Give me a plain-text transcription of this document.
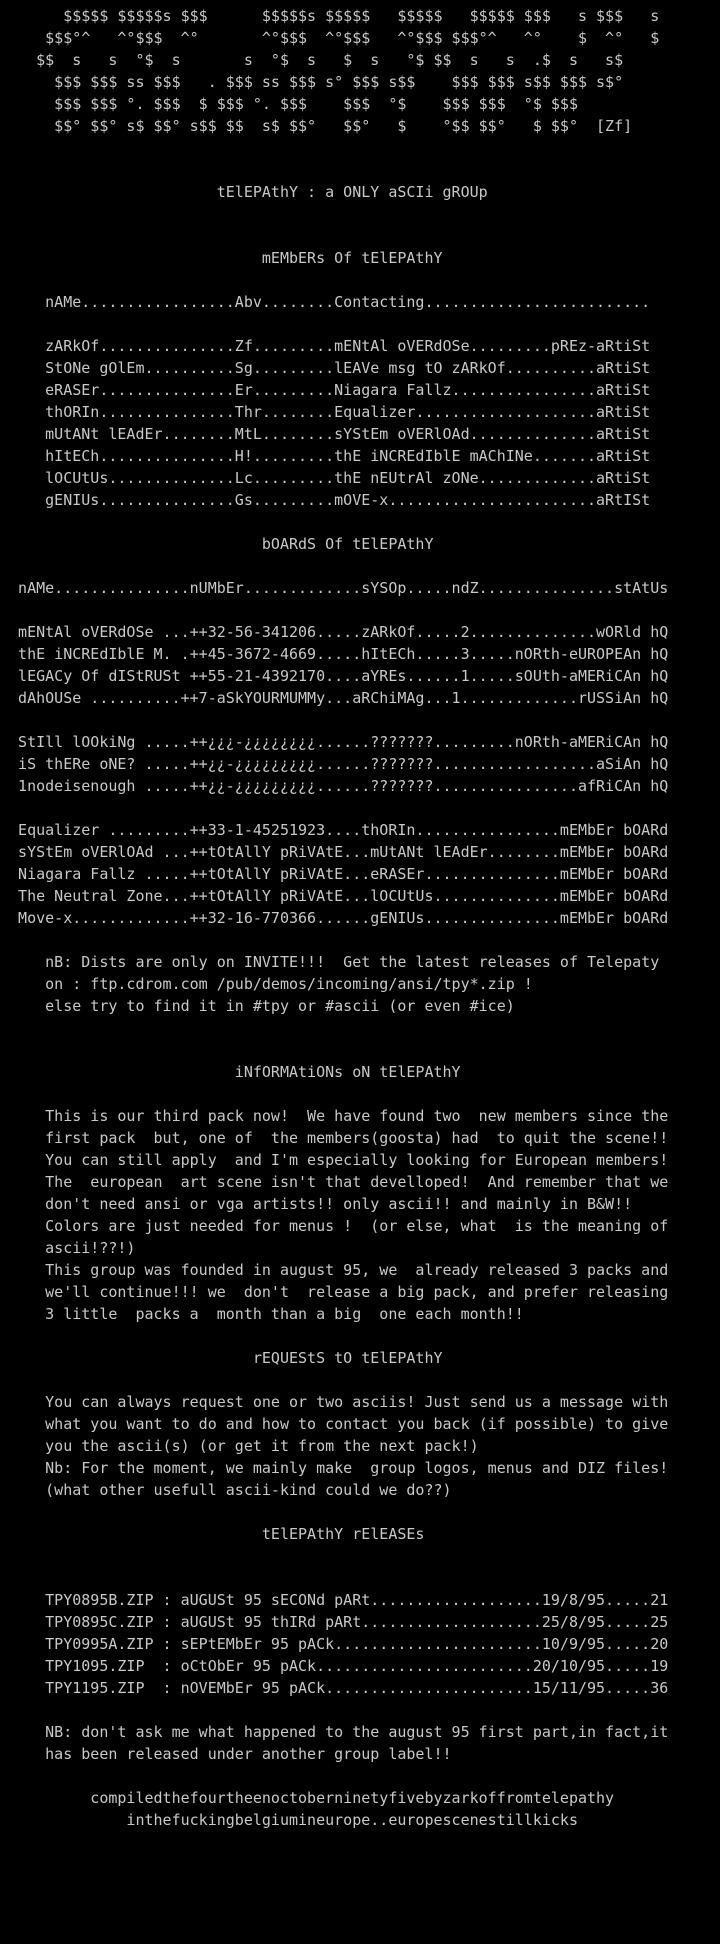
$$$$$ $$$$$s $$$      $$$$$s $$$$$   $$$$$   $$$$$ $$$   s $$$   s
$$$°^   ^°$$$  ^°       ^°$$$  ^°$$$   ^°$$$ $$$°^   ^°    $  ^°   $
$$  s   s  °$  s       s  °$  s   $  s   °$ $$  s   s  .$  s   s$
$$$ $$$ ss $$$   . $$$ ss $$$ s° $$$ s$$    $$$ $$$ s$$ $$$ s$°
$$$ $$$ °. $$$  $ $$$ °. $$$    $$$  °$    $$$ $$$  °$ $$$
$$° $$° s$ $$° s$$ $$  s$ $$°   $$°   $    °$$ $$°   $ $$°  [Zf]
tElEPAthY : a ONLY aSCIi gROUp
mEMbERs Of tElEPAthY
nAMe.................Abv........Contacting.........................
zARkOf...............Zf.........mENtAl oVERdOSe.........pREz-aRtiSt
StONe gOlEm..........Sg.........lEAVe msg tO zARkOf..........aRtiSt
eRASEr...............Er.........Niagara Fallz................aRtiSt
thORIn...............Thr........Equalizer....................aRtiSt
mUtANt lEAdEr........MtL........sYStEm oVERlOAd..............aRtiSt
hItECh...............H!.........thE iNCREdIblE mAChINe.......aRtiSt
lOCUtUs..............Lc.........thE nEUtrAl zONe.............aRtiSt
gENIUs...............Gs.........mOVE-x.......................aRtISt
bOARdS Of tElEPAthY
nAMe...............nUMbEr.............sYSOp.....ndZ...............stAtUs
mENtAl oVERdOSe ...++32-56-341206.....zARkOf.....2..............wORld hQ
thE iNCREdIblE M. .++45-3672-4669.....hItECh.....3.....nORth-eUROPEAn hQ
lEGACy Of dIStRUSt ++55-21-4392170....aYREs......1.....sOUth-aMERiCAn hQ
dAhOUSe ..........++7-aSkYOURMUMMy...aRChiMAg...1.............rUSSiAn hQ
StIll lOOkiNg .....++¿¿¿-¿¿¿¿¿¿¿¿......???????.........nORth-aMERiCAn hQ
iS thERe oNE? .....++¿¿-¿¿¿¿¿¿¿¿¿......???????..................aSiAn hQ
1nodeisenough .....++¿¿-¿¿¿¿¿¿¿¿¿......???????................afRiCAn hQ
Equalizer .........++33-1-45251923....thORIn................mEMbEr bOARd
sYStEm oVERlOAd ...++tOtAllY pRiVAtE...mUtANt lEAdEr........mEMbEr bOARd
Niagara Fallz .....++tOtAllY pRiVAtE...eRASEr...............mEMbEr bOARd
The Neutral Zone...++tOtAllY pRiVAtE...lOCUtUs..............mEMbEr bOARd
Move-x.............++32-16-770366......gENIUs...............mEMbEr bOARd
nB: Dists are only on INVITE!!!  Get the latest releases of Telepaty
on : ftp.cdrom.com /pub/demos/incoming/ansi/tpy*.zip !
else try to find it in #tpy or #ascii (or even #ice)
iNfORMAtiONs oN tElEPAthY
This is our third pack now!  We have found two  new members since the
first pack  but, one of  the members(goosta) had  to quit the scene!!
You can still apply  and I'm especially looking for European members!
The  european  art scene isn't that develloped!  And remember that we
don't need ansi or vga artists!! only ascii!! and mainly in B&W!!
Colors are just needed for menus !  (or else, what  is the meaning of
ascii!??!)
This group was founded in august 95, we  already released 3 packs and
we'll continue!!! we  don't  release a big pack, and prefer releasing
3 little  packs a  month than a big  one each month!!
rEQUEStS tO tElEPAthY
You can always request one or two asciis! Just send us a message with
what you want to do and how to contact you back (if possible) to give
you the ascii(s) (or get it from the next pack!)
Nb: For the moment, we mainly make  group logos, menus and DIZ files!
(what other usefull ascii-kind could we do??)
tElEPAthY rElEASEs
TPY0895B.ZIP : aUGUSt 95 sECONd pARt...................19/8/95.....21
TPY0895C.ZIP : aUGUSt 95 thIRd pARt....................25/8/95.....25
TPY0995A.ZIP : sEPtEMbEr 95 pACk.......................10/9/95.....20
TPY1095.ZIP  : oCtObEr 95 pACk........................20/10/95.....19
TPY1195.ZIP  : nOVEMbEr 95 pACk.......................15/11/95.....36
NB: don't ask me what happened to the august 95 first part,in fact,it
has been released under another group label!!
compiledthefourtheenoctoberninetyfivebyzarkoffromtelepathy
inthefuckingbelgiumineurope..europescenestillkicks
